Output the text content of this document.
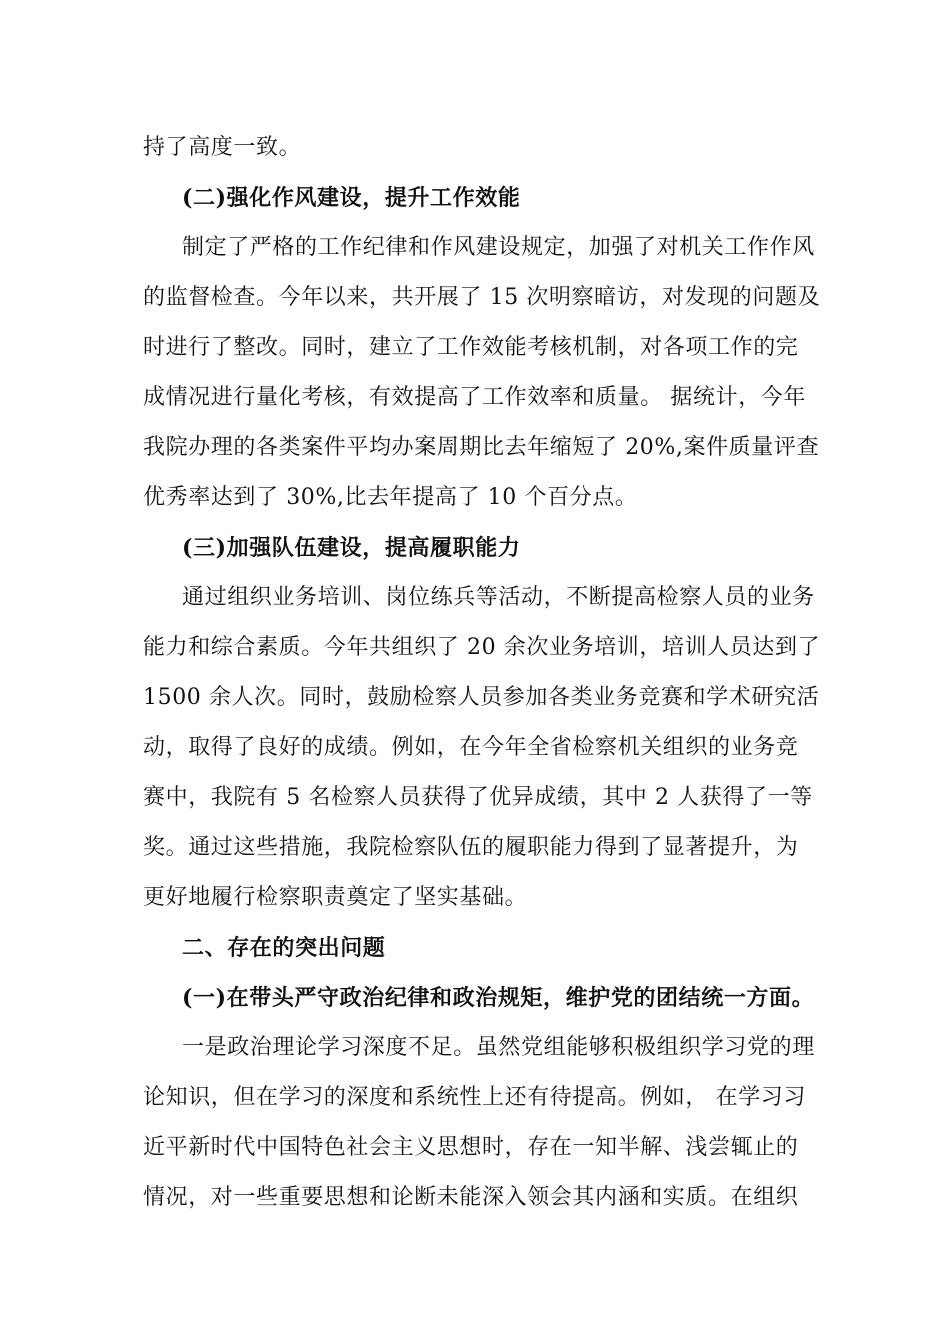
持了高度一致。
(二)强化作风建设，提升工作效能
制定了严格的工作纪律和作风建设规定，加强了对机关工作作风
的监督检查。今年以来，共开展了 15 次明察暗访，对发现的问题及
时进行了整改。同时，建立了工作效能考核机制，对各项工作的完
成情况进行量化考核，有效提高了工作效率和质量。 据统计，今年
我院办理的各类案件平均办案周期比去年缩短了 20%,案件质量评查
优秀率达到了 30%,比去年提高了 10 个百分点。
(三)加强队伍建设，提高履职能力
通过组织业务培训、岗位练兵等活动，不断提高检察人员的业务
能力和综合素质。今年共组织了 20 余次业务培训，培训人员达到了
1500 余人次。同时，鼓励检察人员参加各类业务竞赛和学术研究活
动，取得了良好的成绩。例如，在今年全省检察机关组织的业务竞
赛中，我院有 5 名检察人员获得了优异成绩，其中 2 人获得了一等
奖。通过这些措施，我院检察队伍的履职能力得到了显著提升，为
更好地履行检察职责奠定了坚实基础。
二、存在的突出问题
(一)在带头严守政治纪律和政治规矩，维护党的团结统一方面。
一是政治理论学习深度不足。虽然党组能够积极组织学习党的理
论知识，但在学习的深度和系统性上还有待提高。例如， 在学习习
近平新时代中国特色社会主义思想时，存在一知半解、浅尝辄止的
情况，对一些重要思想和论断未能深入领会其内涵和实质。在组织
